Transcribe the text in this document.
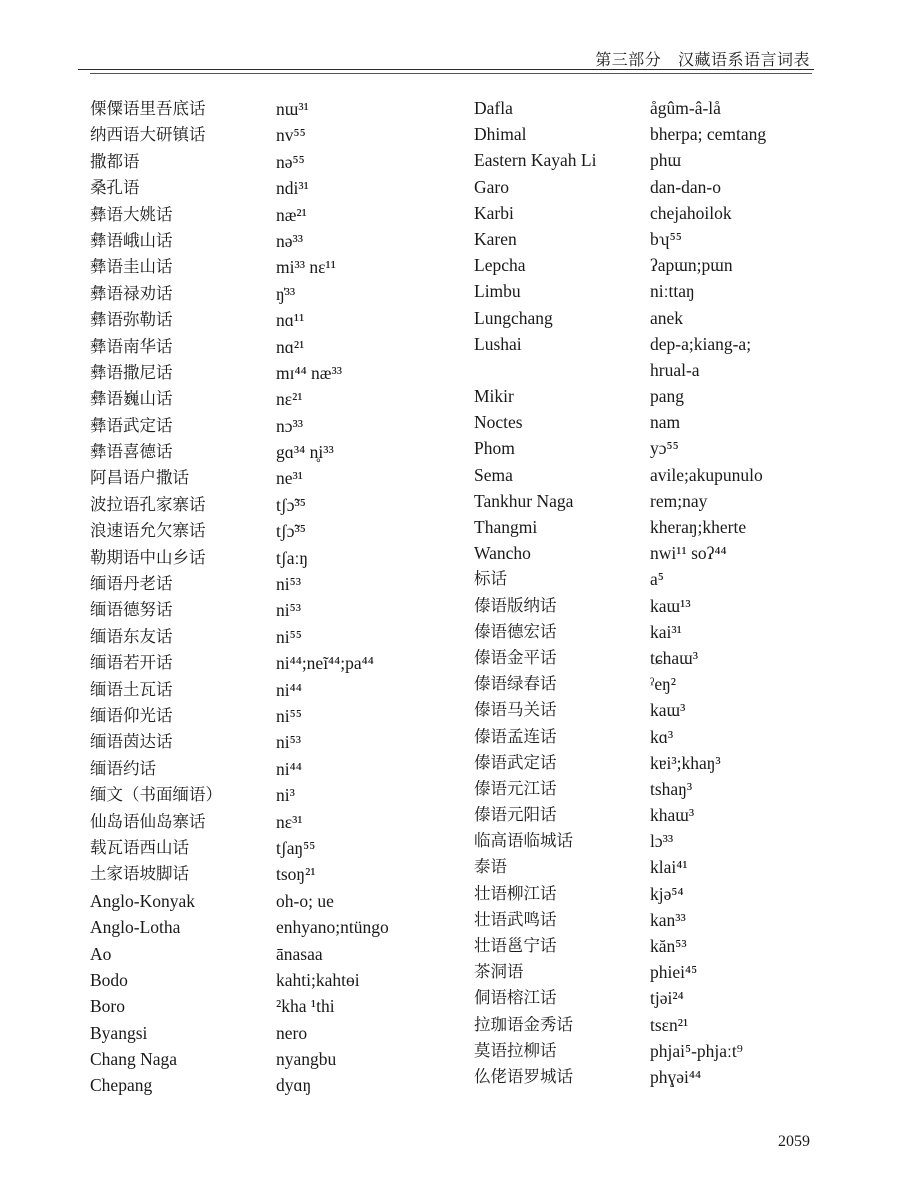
第三部分   汉藏语系语言词表
傈僳语里吾底话	nɯ³¹
纳西语大研镇话	nv⁵⁵
撒都语	nə⁵⁵
桑孔语	ndi³¹
彝语大姚话	næ²¹
彝语峨山话	nə³³
彝语圭山话	mi³³ nɛ¹¹
彝语禄劝话	ŋ̍³³
彝语弥勒话	nɑ¹¹
彝语南华话	nɑ²¹
彝语撒尼话	mɪ⁴⁴ næ³³
彝语巍山话	nɛ²¹
彝语武定话	nɔ³³
彝语喜德话	gɑ³⁴ n̥i³³
阿昌语户撒话	ne³¹
波拉语孔家寨话	tʃɔ̃³⁵
浪速语允欠寨话	tʃɔ̃³⁵
勒期语中山乡话	tʃaːŋ
缅语丹老话	ni⁵³
缅语德努话	ni⁵³
缅语东友话	ni⁵⁵
缅语若开话	ni⁴⁴;neĩ⁴⁴;pa⁴⁴
缅语土瓦话	ni⁴⁴
缅语仰光话	ni⁵⁵
缅语茵达话	ni⁵³
缅语约话	ni⁴⁴
缅文（书面缅语）	ni³
仙岛语仙岛寨话	nɛ³¹
载瓦语西山话	tʃaŋ⁵⁵
土家语坡脚话	tsoŋ²¹
Anglo-Konyak	oh-o; ue
Anglo-Lotha	enhyano;ntüngo
Ao	ānasaa
Bodo	kahti;kahtөi
Boro	²kha ¹thi
Byangsi	nero
Chang Naga	nyangbu
Chepang	dyɑŋ
Dafla	ågûm-â-lå
Dhimal	bherpa; cemtang
Eastern Kayah Li	phɯ
Garo	dan-dan-o
Karbi	chejahoilok
Karen	bʮ⁵⁵
Lepcha	ʔapɯn;pɯn
Limbu	niːttaŋ
Lungchang	anek
Lushai	dep-a;kiang-a;
hrual-a
Mikir	pang
Noctes	nam
Phom	yɔ⁵⁵
Sema	avile;akupunulo
Tankhur Naga	rem;nay
Thangmi	kheraŋ;kherte
Wancho	nwi¹¹ soʔ⁴⁴
标话	a⁵
傣语版纳话	kaɯ¹³
傣语德宏话	kai³¹
傣语金平话	tɕhaɯ³
傣语绿春话	ˀeŋ²
傣语马关话	kaɯ³
傣语孟连话	kɑ³
傣语武定话	kɐi³;khaŋ³
傣语元江话	tshaŋ³
傣语元阳话	khaɯ³
临高语临城话	lɔ³³
泰语	klai⁴¹
壮语柳江话	kjə⁵⁴
壮语武鸣话	kan³³
壮语邕宁话	kăn⁵³
茶洞语	phiei⁴⁵
侗语榕江话	tjəi²⁴
拉珈语金秀话	tsɛn²¹
莫语拉柳话	phjai⁵-phjaːt⁹
仫佬语罗城话	phɣəi⁴⁴
2059
